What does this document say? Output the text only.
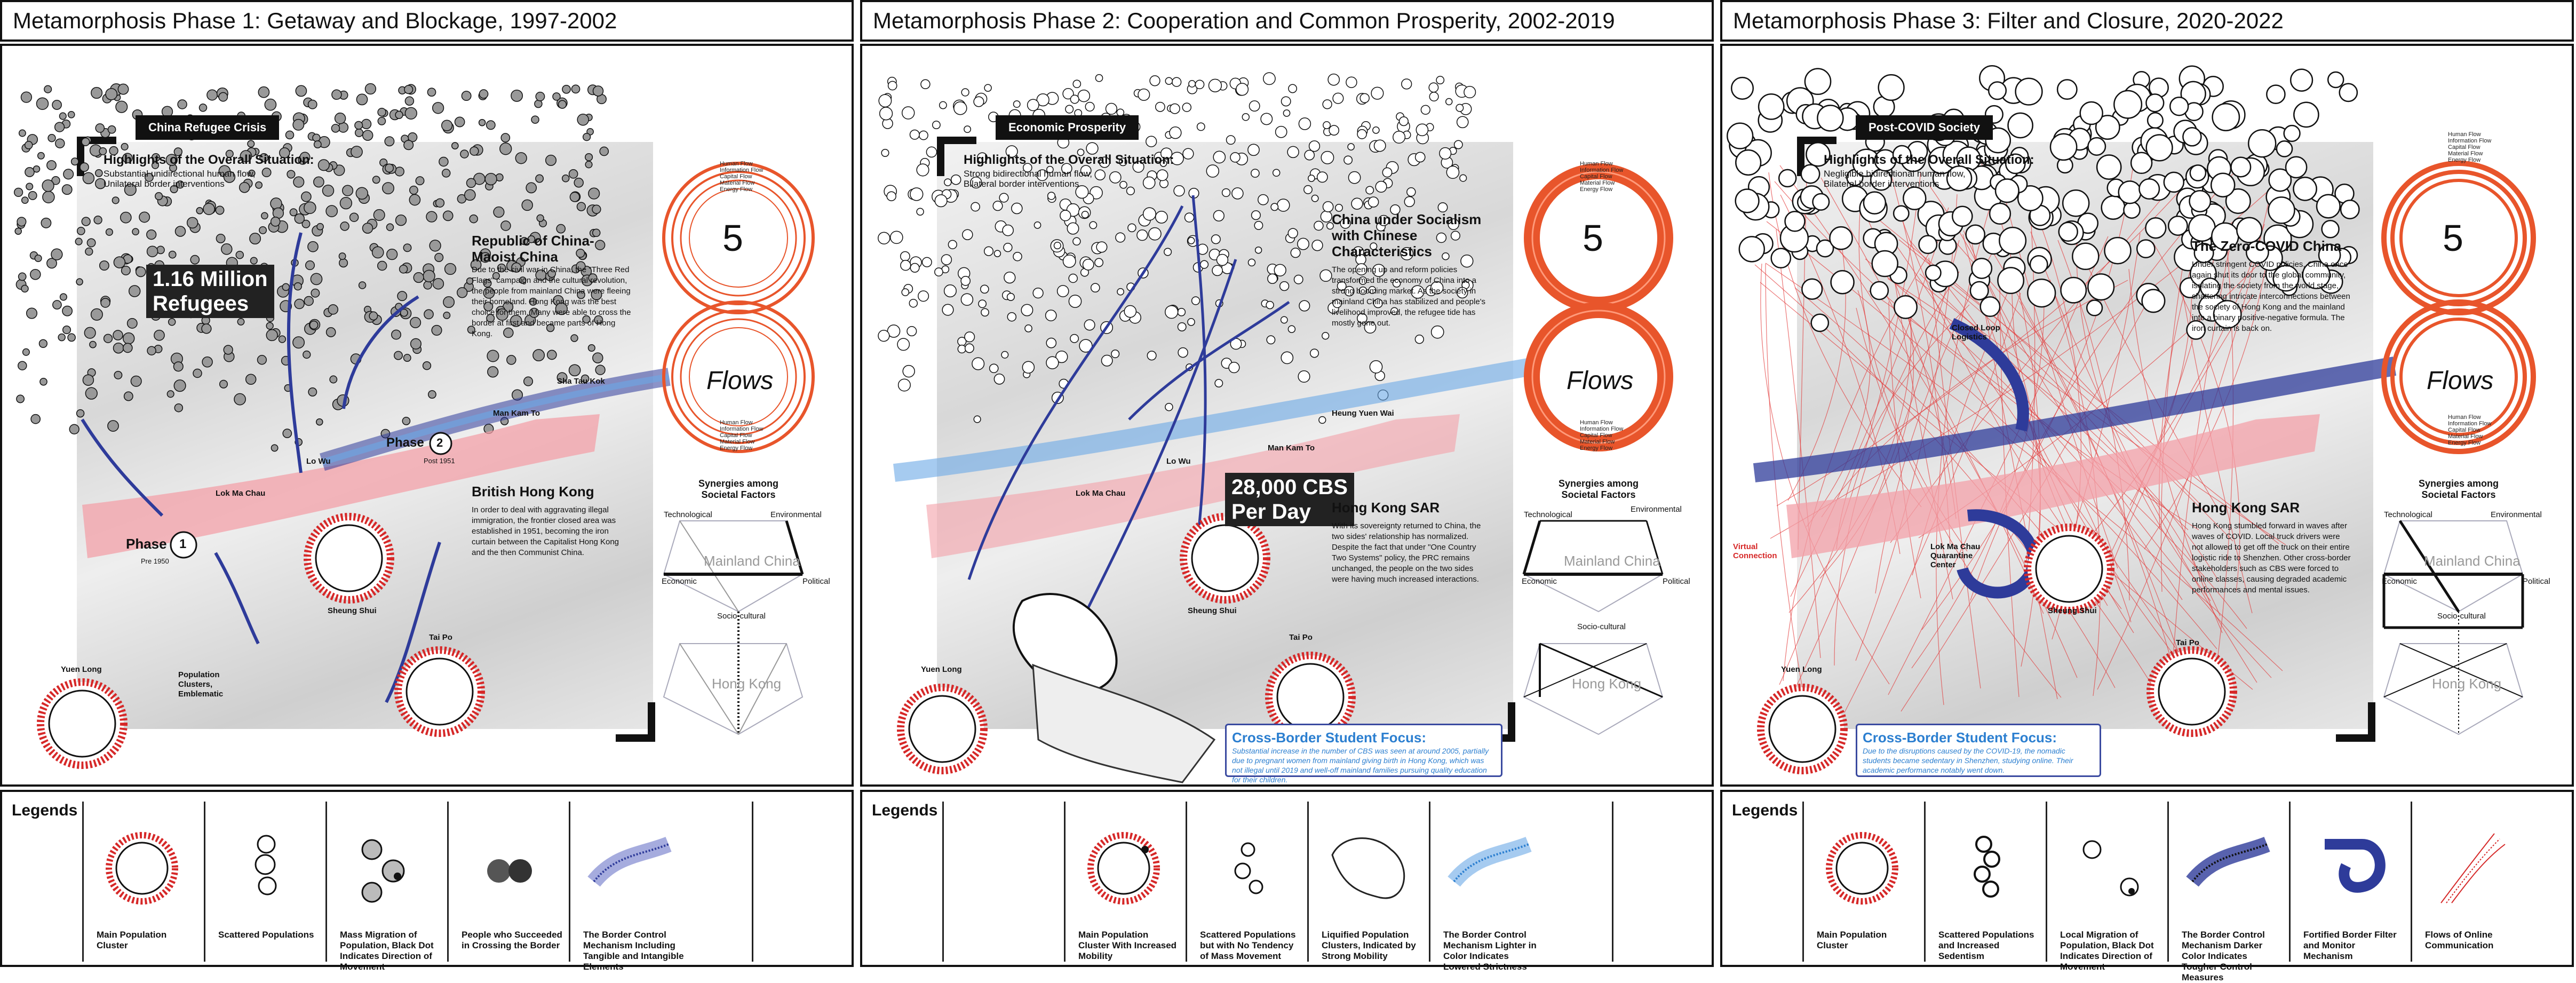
Metamorphosis Phase 1: Getaway and Blockage, 1997-2002
China Refugee Crisis
Highlights of the Overall Situation:
Substantial unidirectional human flow,
Unilateral border interventions
1.16 Million
Refugees
Republic of China-
Maoist China
Due to the civil war in China, the "Three Red Flags" campaign and the cultural revolution, the people from mainland China were fleeing their homeland. Hong Kong was the best choice for them. Many were able to cross the border at first and became parts of Hong Kong.
British Hong Kong
In order to deal with aggravating illegal immigration, the frontier closed area was established in 1951, becoming the iron curtain between the Capitalist Hong Kong and the then Communist China.
Lo Wu
Lok Ma Chau
Sheung Shui
Tai Po
Yuen Long
Sha Tau Kok
Man Kam To
Phase 1
Pre 1950
Phase 2
Post 1951
Population
Clusters,
Emblematic
5
Flows
Human Flow
Information Flow
Capital Flow
Material Flow
Energy Flow
Human Flow
Information Flow
Capital Flow
Material Flow
Energy Flow
Synergies among
Societal Factors
Technological	Environmental
Economic	Political
Socio-cultural
Mainland China
Hong Kong
Legends
Main Population Cluster
Scattered Populations	Mass Migration of Population, Black Dot Indicates Direction of Movement
People who Succeeded in Crossing the Border
The Border Control Mechanism Including Tangible and Intangible Elements
Metamorphosis Phase 2: Cooperation and Common Prosperity, 2002-2019
Economic Prosperity
Highlights of the Overall Situation:
Strong bidirectional human flow,
Bilateral border interventions
28,000 CBS
Per Day
China under Socialism with Chinese Characteristics
The opening up and reform policies transformed the economy of China into a strong booming market. As the society in mainland China has stabilized and people's livelihood improved, the refugee tide has mostly gone out.
Hong Kong SAR
With its sovereignty returned to China, the two sides' relationship has normalized. Despite the fact that under "One Country Two Systems" policy, the PRC remains unchanged, the people on the two sides were having much increased interactions.
Lo Wu
Lok Ma Chau
Sheung Shui
Tai Po
Yuen Long
Heung Yuen Wai
Man Kam To
Cross-Border Student Focus:
Substantial increase in the number of CBS was seen at around 2005, partially due to pregnant women from mainland giving birth in Hong Kong, which was not illegal until 2019 and well-off mainland families pursuing quality education for their children.
5
Flows
Human Flow
Information Flow
Capital Flow
Material Flow
Energy Flow
Human Flow
Information Flow
Capital Flow
Material Flow
Energy Flow
Synergies among
Societal Factors
Technological
Environmental
Economic	Political
Socio-cultural
Mainland China
Hong Kong
Legends
Main Population Cluster With Increased Mobility
Scattered Populations but with No Tendency of Mass Movement
Liquified Population Clusters, Indicated by Strong Mobility
The Border Control Mechanism Lighter in Color Indicates Lowered Strictness
Metamorphosis Phase 3: Filter and Closure, 2020-2022
Post-COVID Society
Highlights of the Overall Situation:
Negligible bidirectional human flow,
Bilateral border interventions
The Zero-COVID China
Under stringent COVID policies, China once again shut its door to the global community, isolating the society from the world stage, shattering intricate interconnections between the society of Hong Kong and the mainland into a binary positive-negative formula. The iron curtain is back on.
Hong Kong SAR
Hong Kong stumbled forward in waves after waves of COVID. Local truck drivers were not allowed to get off the truck on their entire logistic ride to Shenzhen. Other cross-border stakeholders such as CBS were forced to online classes, causing degraded academic performances and mental issues.
Closed Loop
Logistics
Lok Ma Chau
Quarantine
Center
Virtual
Connection
Sheung Shui
Tai Po
Yuen Long
Cross-Border Student Focus:
Due to the disruptions caused by the COVID-19, the nomadic students became sedentary in Shenzhen, studying online. Their academic performance notably went down.
5
Flows
Human Flow
Information Flow
Capital Flow
Material Flow
Energy Flow
Human Flow
Information Flow
Capital Flow
Material Flow
Energy Flow
Synergies among
Societal Factors
Technological	Environmental
Economic	Political
Socio-cultural
Mainland China
Hong Kong
Legends
Main Population Cluster
Scattered Populations and Increased Sedentism
Local Migration of Population, Black Dot Indicates Direction of Movement
The Border Control Mechanism Darker Color Indicates Tougher Control Measures
Fortified Border Filter and Monitor Mechanism
Flows of Online Communication
